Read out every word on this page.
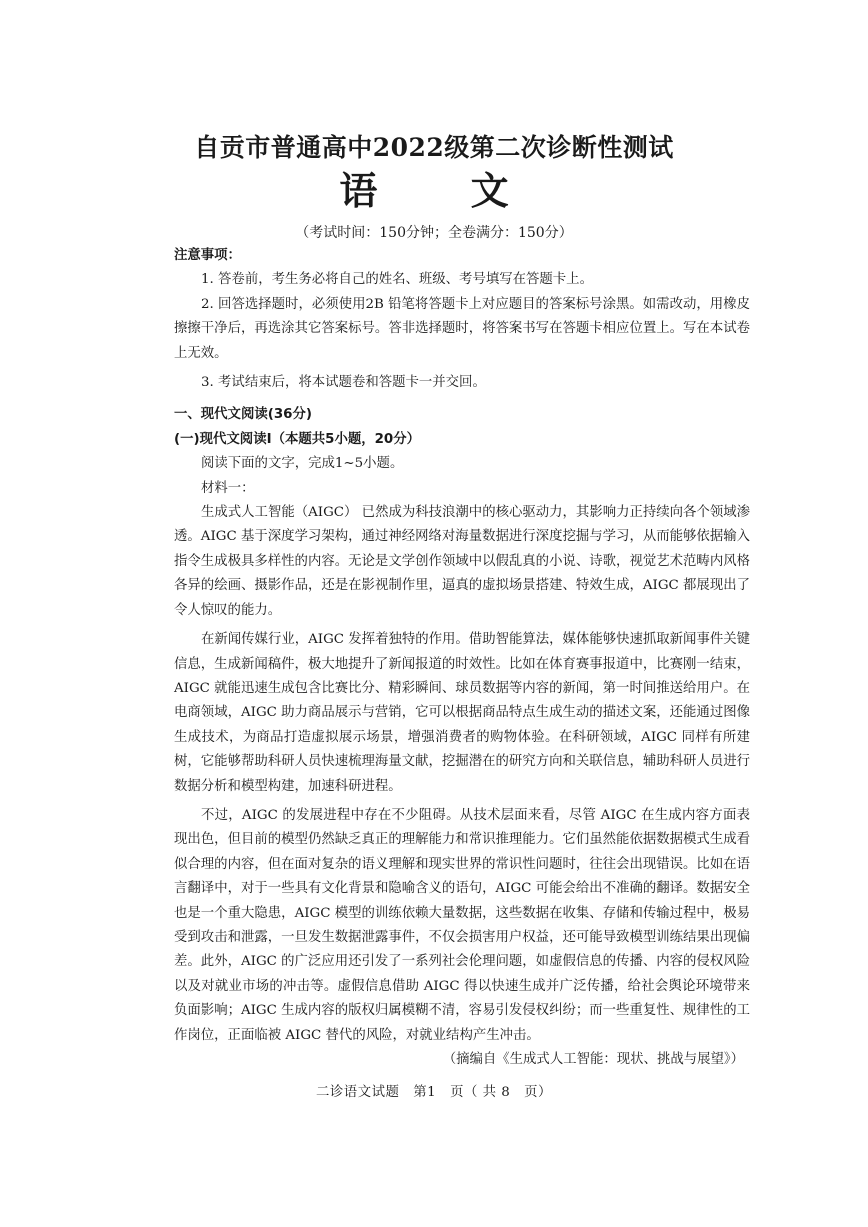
自贡市普通高中2022级第二次诊断性测试
语 文
（考试时间：150分钟；全卷满分：150分）

注意事项：

1. 答卷前，考生务必将自己的姓名、班级、考号填写在答题卡上。

2. 回答选择题时，必须使用2B 铅笔将答题卡上对应题目的答案标号涂黑。如需改动，用橡皮擦擦干净后，再选涂其它答案标号。答非选择题时，将答案书写在答题卡相应位置上。写在本试卷上无效。

3. 考试结束后，将本试题卷和答题卡一并交回。

一、现代文阅读(36分)

(一)现代文阅读Ⅰ（本题共5小题，20分）

阅读下面的文字，完成1~5小题。

材料一：

生成式人工智能（AIGC） 已然成为科技浪潮中的核心驱动力，其影响力正持续向各个领域渗透。AIGC 基于深度学习架构，通过神经网络对海量数据进行深度挖掘与学习，从而能够依据输入指令生成极具多样性的内容。无论是文学创作领域中以假乱真的小说、诗歌，视觉艺术范畴内风格各异的绘画、摄影作品，还是在影视制作里，逼真的虚拟场景搭建、特效生成，AIGC 都展现出了令人惊叹的能力。

在新闻传媒行业，AIGC 发挥着独特的作用。借助智能算法，媒体能够快速抓取新闻事件关键信息，生成新闻稿件，极大地提升了新闻报道的时效性。比如在体育赛事报道中，比赛刚一结束，AIGC 就能迅速生成包含比赛比分、精彩瞬间、球员数据等内容的新闻，第一时间推送给用户。在电商领域，AIGC 助力商品展示与营销，它可以根据商品特点生成生动的描述文案，还能通过图像生成技术，为商品打造虚拟展示场景，增强消费者的购物体验。在科研领域，AIGC 同样有所建树，它能够帮助科研人员快速梳理海量文献，挖掘潜在的研究方向和关联信息，辅助科研人员进行数据分析和模型构建，加速科研进程。

不过，AIGC 的发展进程中存在不少阻碍。从技术层面来看，尽管 AIGC 在生成内容方面表现出色，但目前的模型仍然缺乏真正的理解能力和常识推理能力。它们虽然能依据数据模式生成看似合理的内容，但在面对复杂的语义理解和现实世界的常识性问题时，往往会出现错误。比如在语言翻译中，对于一些具有文化背景和隐喻含义的语句，AIGC 可能会给出不准确的翻译。数据安全也是一个重大隐患，AIGC 模型的训练依赖大量数据，这些数据在收集、存储和传输过程中，极易受到攻击和泄露，一旦发生数据泄露事件，不仅会损害用户权益，还可能导致模型训练结果出现偏差。此外，AIGC 的广泛应用还引发了一系列社会伦理问题，如虚假信息的传播、内容的侵权风险以及对就业市场的冲击等。虚假信息借助 AIGC 得以快速生成并广泛传播，给社会舆论环境带来负面影响；AIGC 生成内容的版权归属模糊不清，容易引发侵权纠纷；而一些重复性、规律性的工作岗位，正面临被 AIGC 替代的风险，对就业结构产生冲击。

（摘编自《生成式人工智能：现状、挑战与展望》）

二诊语文试题　第1　页（ 共 8　页）
